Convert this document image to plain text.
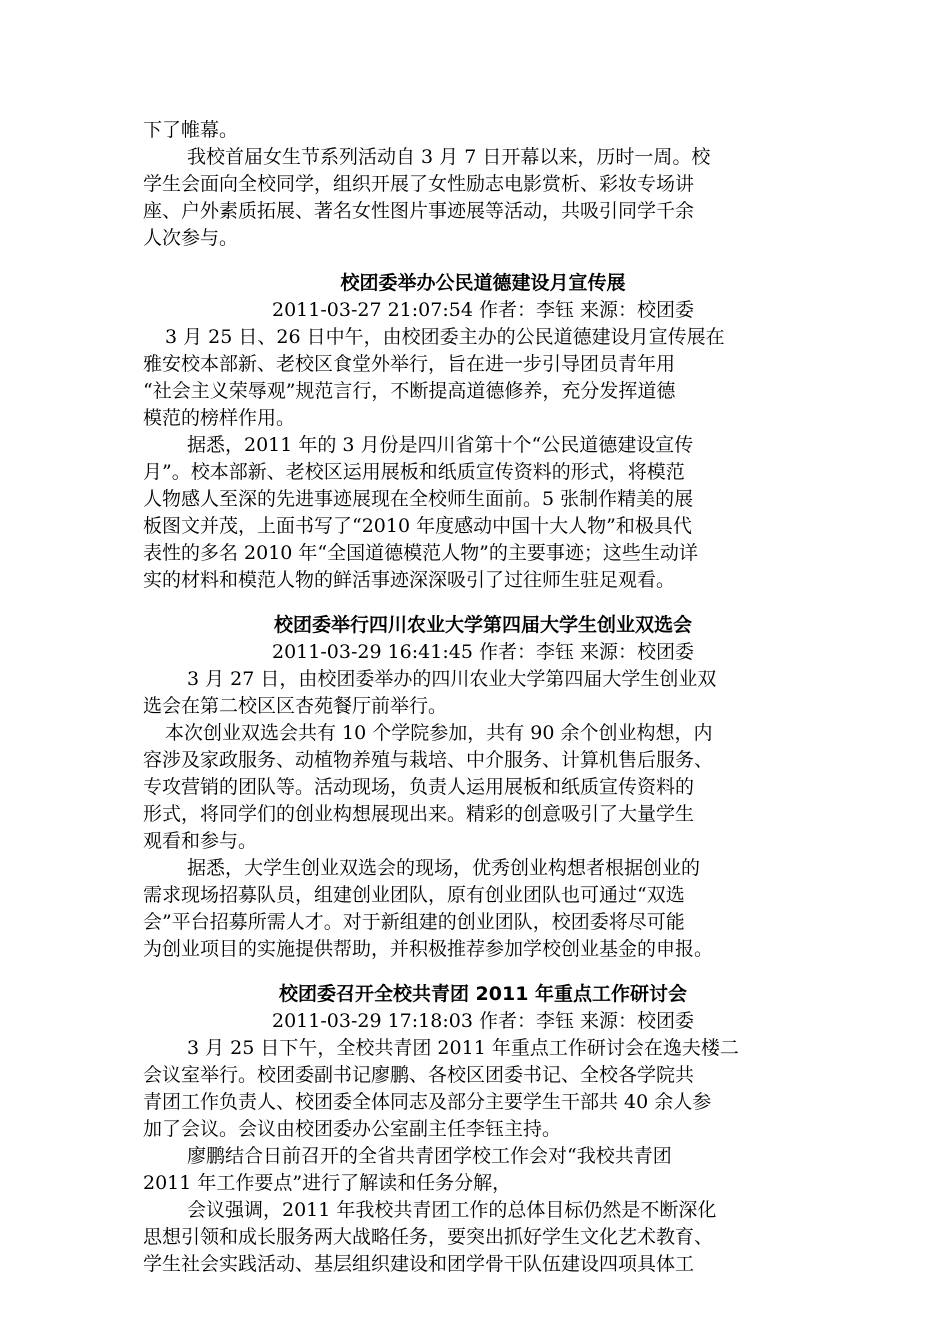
下了帷幕。
我校首届女生节系列活动自 3 月 7 日开幕以来，历时一周。校
学生会面向全校同学，组织开展了女性励志电影赏析、彩妆专场讲
座、户外素质拓展、著名女性图片事迹展等活动，共吸引同学千余
人次参与。
校团委举办公民道德建设月宣传展
2011-03-27 21:07:54 作者：李钰 来源：校团委
3 月 25 日、26 日中午，由校团委主办的公民道德建设月宣传展在
雅安校本部新、老校区食堂外举行，旨在进一步引导团员青年用
“社会主义荣辱观”规范言行，不断提高道德修养，充分发挥道德
模范的榜样作用。
据悉，2011 年的 3 月份是四川省第十个“公民道德建设宣传
月”。校本部新、老校区运用展板和纸质宣传资料的形式，将模范
人物感人至深的先进事迹展现在全校师生面前。5 张制作精美的展
板图文并茂，上面书写了“2010 年度感动中国十大人物”和极具代
表性的多名 2010 年“全国道德模范人物”的主要事迹；这些生动详
实的材料和模范人物的鲜活事迹深深吸引了过往师生驻足观看。
校团委举行四川农业大学第四届大学生创业双选会
2011-03-29 16:41:45 作者：李钰 来源：校团委
3 月 27 日，由校团委举办的四川农业大学第四届大学生创业双
选会在第二校区区杏苑餐厅前举行。
本次创业双选会共有 10 个学院参加，共有 90 余个创业构想，内
容涉及家政服务、动植物养殖与栽培、中介服务、计算机售后服务、
专攻营销的团队等。活动现场，负责人运用展板和纸质宣传资料的
形式，将同学们的创业构想展现出来。精彩的创意吸引了大量学生
观看和参与。
据悉，大学生创业双选会的现场，优秀创业构想者根据创业的
需求现场招募队员，组建创业团队，原有创业团队也可通过“双选
会”平台招募所需人才。对于新组建的创业团队，校团委将尽可能
为创业项目的实施提供帮助，并积极推荐参加学校创业基金的申报。
校团委召开全校共青团 2011 年重点工作研讨会
2011-03-29 17:18:03 作者：李钰 来源：校团委
3 月 25 日下午，全校共青团 2011 年重点工作研讨会在逸夫楼二
会议室举行。校团委副书记廖鹏、各校区团委书记、全校各学院共
青团工作负责人、校团委全体同志及部分主要学生干部共 40 余人参
加了会议。会议由校团委办公室副主任李钰主持。
廖鹏结合日前召开的全省共青团学校工作会对“我校共青团
2011 年工作要点”进行了解读和任务分解，
会议强调，2011 年我校共青团工作的总体目标仍然是不断深化
思想引领和成长服务两大战略任务，要突出抓好学生文化艺术教育、
学生社会实践活动、基层组织建设和团学骨干队伍建设四项具体工
